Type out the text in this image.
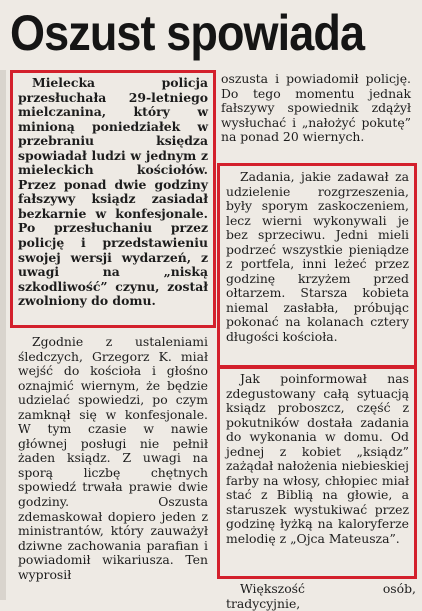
Oszust spowiada

Mielecka policja przesłuchała 29-letniego mielczanina, który w minioną poniedziałek w przebraniu księdza spowiadał ludzi w jednym z mieleckich kościołów. Przez ponad dwie godziny fałszywy ksiądz zasiadał bezkarnie w konfesjonale. Po przesłuchaniu przez policję i przedstawieniu swojej wersji wydarzeń, z uwagi na „niską szkodliwość” czynu, został zwolniony do domu.

Zgodnie z ustaleniami śledczych, Grzegorz K. miał wejść do kościoła i głośno oznajmić wiernym, że będzie udzielać spowiedzi, po czym zamknął się w konfesjonale. W tym czasie w nawie głównej posługi nie pełnił żaden ksiądz. Z uwagi na sporą liczbę chętnych spowiedź trwała prawie dwie godziny. Oszusta zdemaskował dopiero jeden z ministrantów, który zauważył dziwne zachowania parafian i powiadomił wikariusza. Ten wyprosił

oszusta i powiadomił policję. Do tego momentu jednak fałszywy spowiednik zdążył wysłuchać i „nałożyć pokutę” na ponad 20 wiernych.

Zadania, jakie zadawał za udzielenie rozgrzeszenia, były sporym zaskoczeniem, lecz wierni wykonywali je bez sprzeciwu. Jedni mieli podrzeć wszystkie pieniądze z portfela, inni leżeć przez godzinę krzyżem przed ołtarzem. Starsza kobieta niemal zasłabła, próbując pokonać na kolanach cztery długości kościoła.

Jak poinformował nas zdegustowany całą sytuacją ksiądz proboszcz, część z pokutników dostała zadania do wykonania w domu. Od jednej z kobiet „ksiądz” zażądał nałożenia niebieskiej farby na włosy, chłopiec miał stać z Biblią na głowie, a staruszek wystukiwać przez godzinę łyżką na kaloryferze melodię z „Ojca Mateusza”.

Większość osób, tradycyjnie,
